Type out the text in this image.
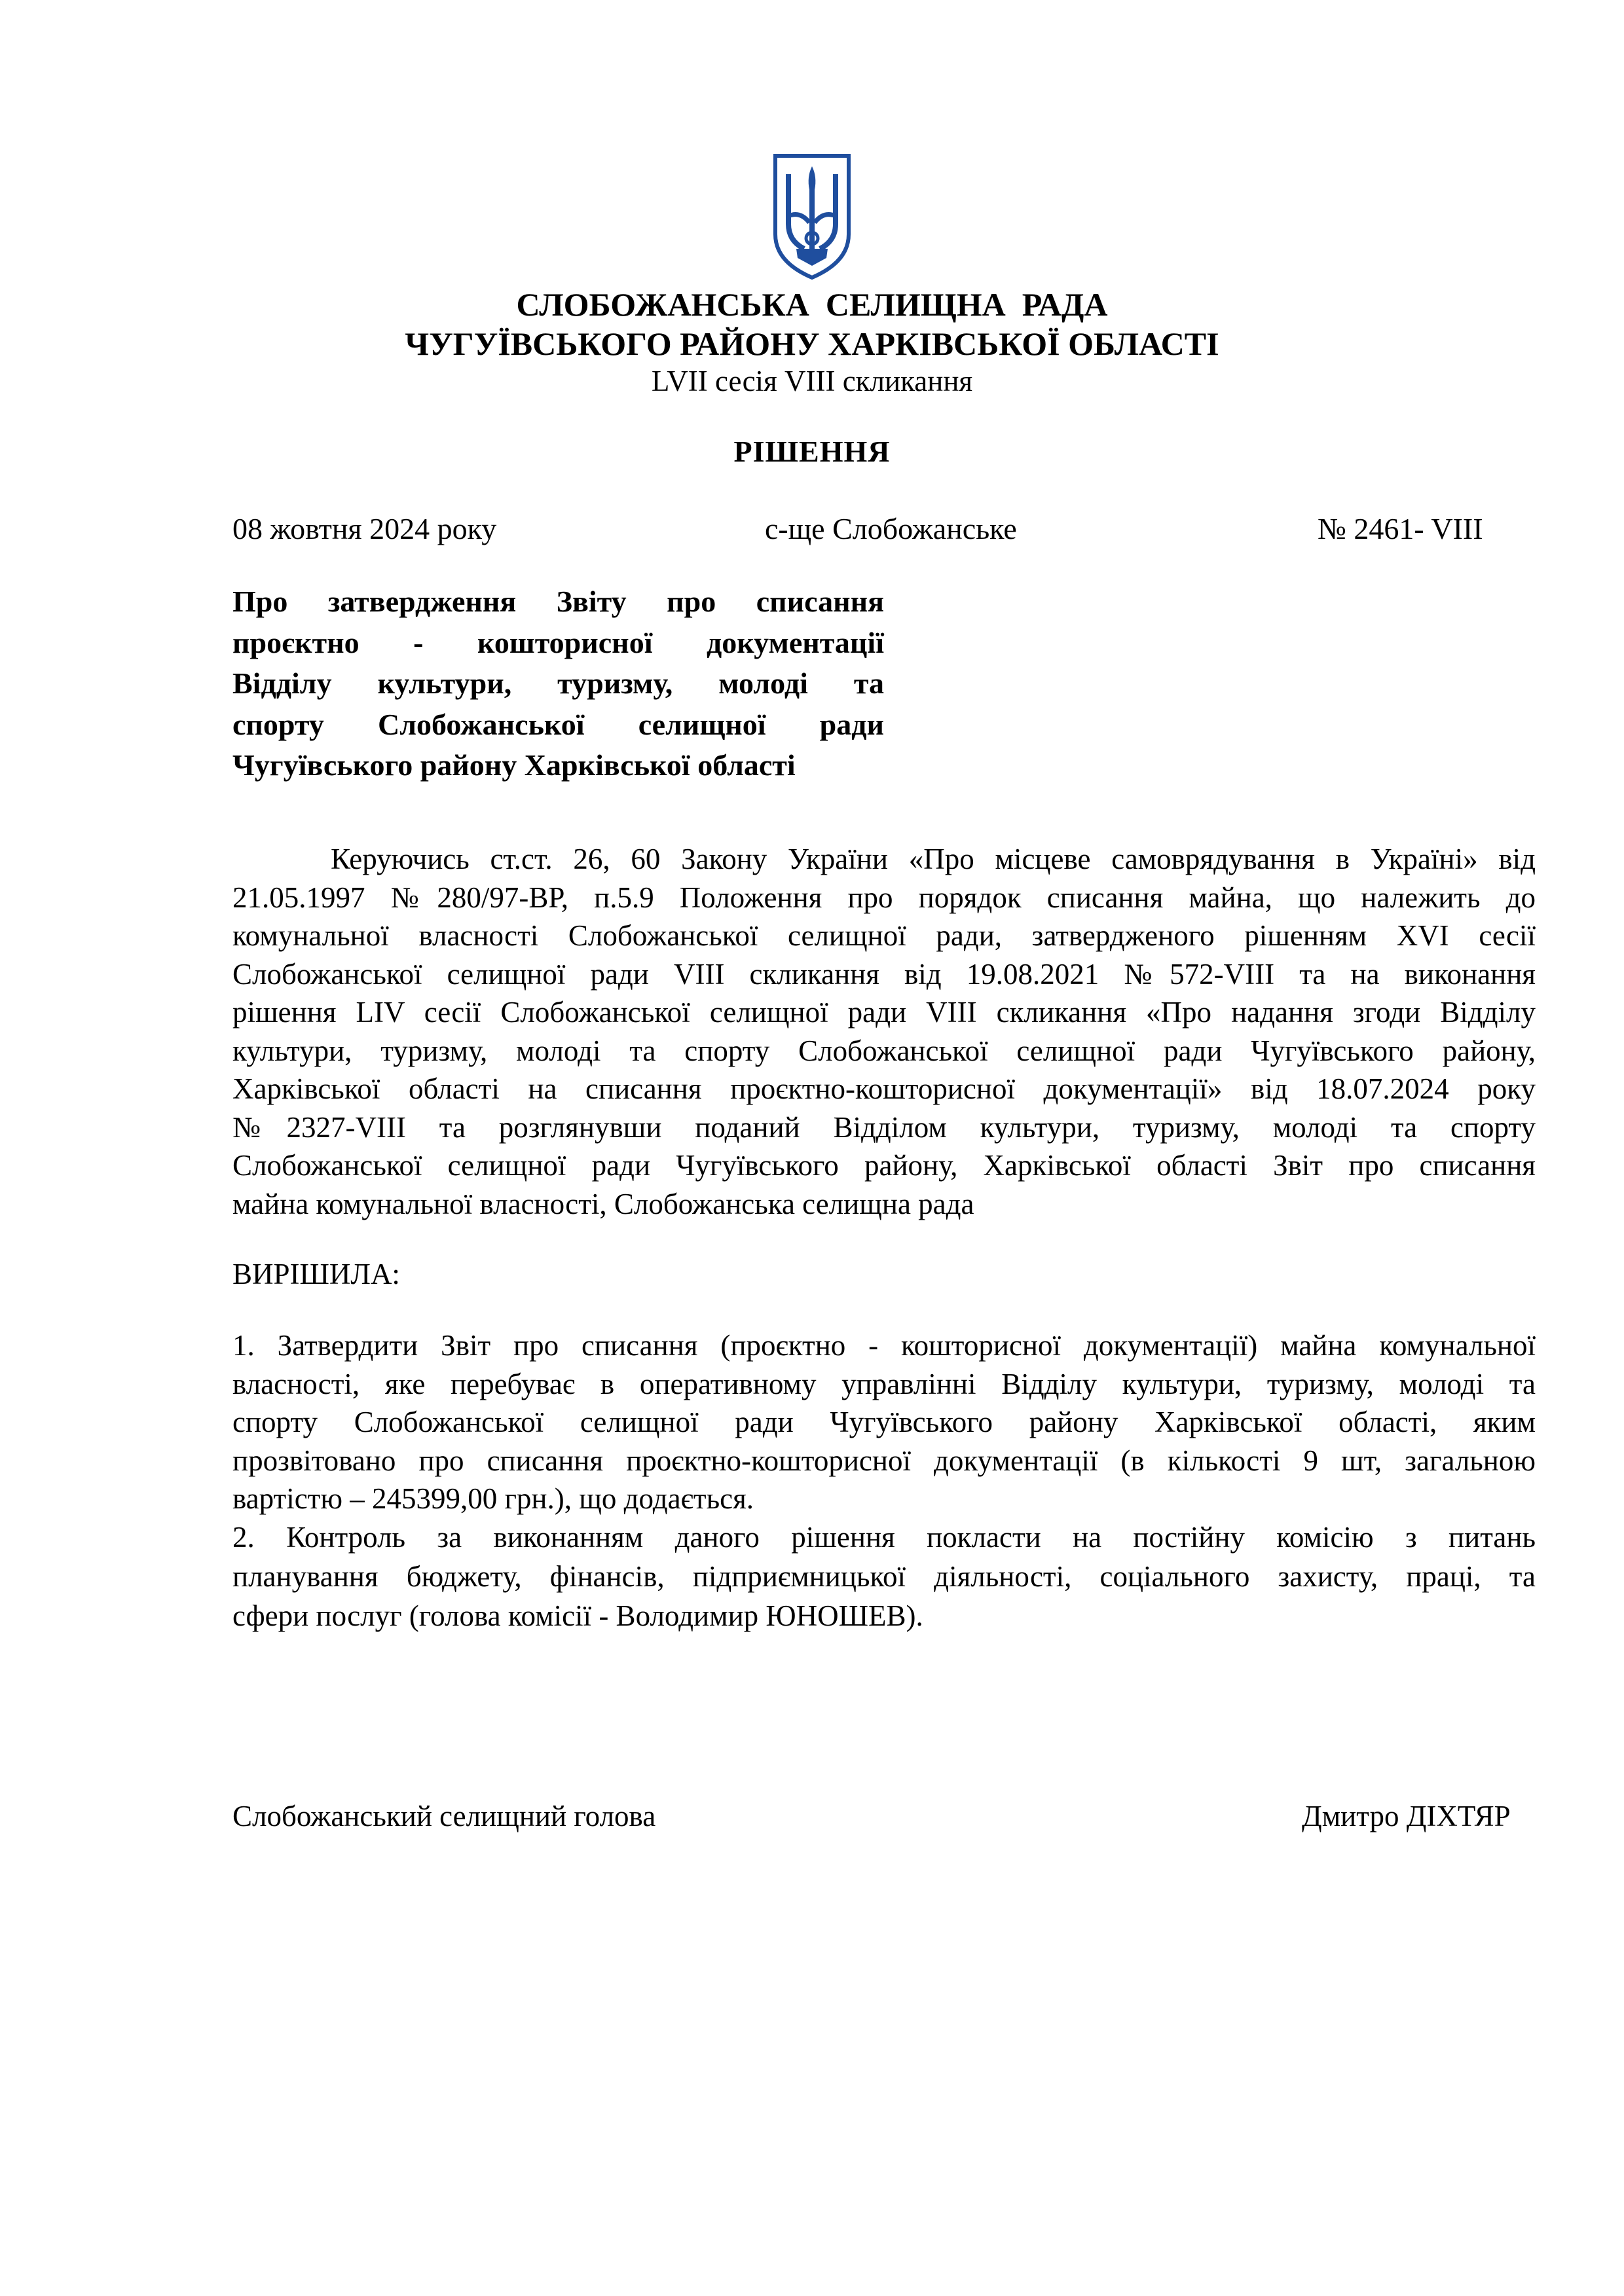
СЛОБОЖАНСЬКА  СЕЛИЩНА  РАДА
ЧУГУЇВСЬКОГО РАЙОНУ ХАРКІВСЬКОЇ ОБЛАСТІ
LVII сесія VIII скликання
РІШЕННЯ
08 жовтня 2024 року	с-ще Слобожанське	№ 2461- VIII
Про затвердження Звіту про списання
проєктно - кошторисної документації
Відділу культури, туризму, молоді та
спорту Слобожанської селищної ради
Чугуївського району Харківської області
Керуючись ст.ст. 26, 60 Закону України «Про місцеве самоврядування в Україні» від
21.05.1997 №280/97-ВР, п.5.9 Положення про порядок списання майна, що належить до
комунальної власності Слобожанської селищної ради, затвердженого рішенням XVI сесії
Слобожанської селищної ради VIII скликання від 19.08.2021 №572-VIII та на виконання
рішення LIV сесії Слобожанської селищної ради VIII скликання «Про надання згоди Відділу
культури, туризму, молоді та спорту Слобожанської селищної ради Чугуївського району,
Харківської області на списання проєктно-кошторисної документації» від 18.07.2024 року
№2327-VIII та розглянувши поданий Відділом культури, туризму, молоді та спорту
Слобожанської селищної ради Чугуївського району, Харківської області Звіт про списання
майна комунальної власності, Слобожанська селищна рада
ВИРІШИЛА:
1. Затвердити Звіт про списання (проєктно - кошторисної документації) майна комунальної
власності, яке перебуває в оперативному управлінні Відділу культури, туризму, молоді та
спорту Слобожанської селищної ради Чугуївського району Харківської області, яким
прозвітовано про списання проєктно-кошторисної документації (в кількості 9 шт, загальною
вартістю – 245399,00 грн.), що додається.
2. Контроль за виконанням даного рішення покласти на постійну комісію з питань
планування бюджету, фінансів, підприємницької діяльності, соціального захисту, праці, та
сфери послуг (голова комісії - Володимир ЮНОШЕВ).
Слобожанський селищний голова	Дмитро ДІХТЯР
